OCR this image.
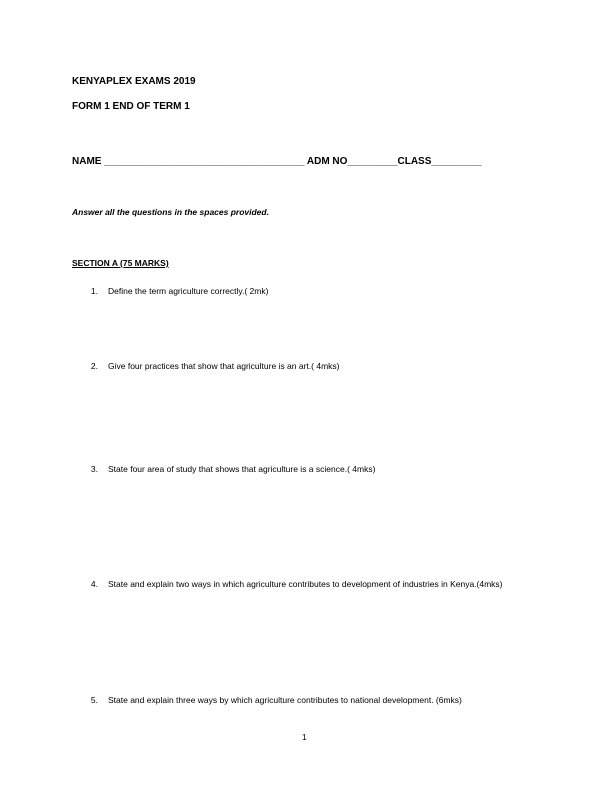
KENYAPLEX EXAMS 2019
FORM 1 END OF TERM 1
NAME ____________________________________ ADM NO_________CLASS_________
Answer all the questions in the spaces provided.
SECTION A (75 MARKS)
1. Define the term agriculture correctly.( 2mk)
2. Give four practices that show that agriculture is an art.( 4mks)
3. State four area of study that shows that agriculture is a science.( 4mks)
4. State and explain two ways in which agriculture contributes to development of industries in Kenya.(4mks)
5. State and explain three ways by which agriculture contributes to national development. (6mks)
1
